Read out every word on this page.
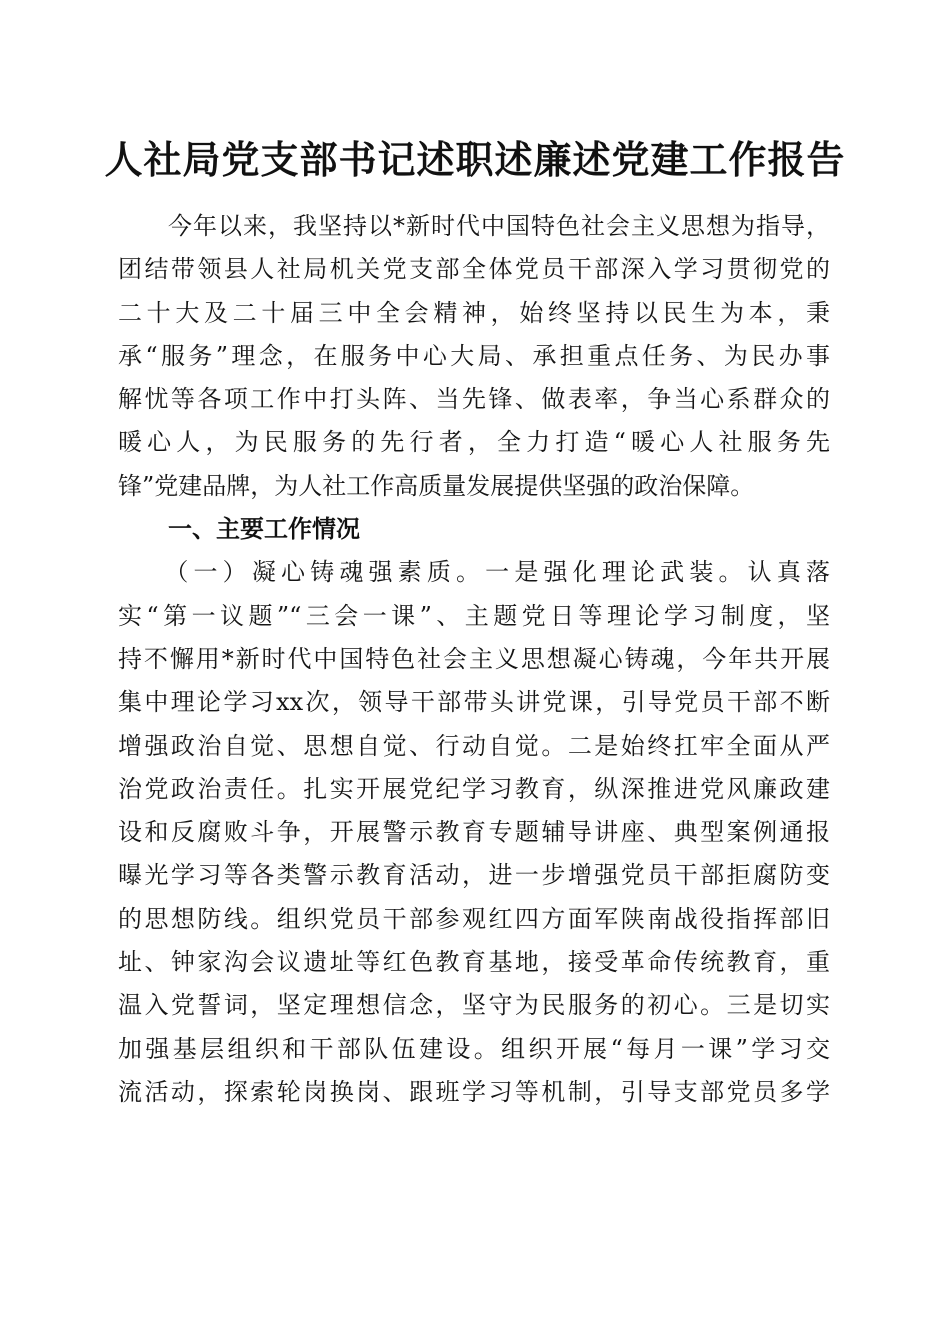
人社局党支部书记述职述廉述党建工作报告
　　今年以来，我坚持以*新时代中国特色社会主义思想为指导，
团结带领县人社局机关党支部全体党员干部深入学习贯彻党的
二十大及二十届三中全会精神，始终坚持以民生为本，秉
承“服务”理念，在服务中心大局、承担重点任务、为民办事
解忧等各项工作中打头阵、当先锋、做表率，争当心系群众的
暖心人，为民服务的先行者，全力打造“暖心人社服务先
锋”党建品牌，为人社工作高质量发展提供坚强的政治保障。
一、主要工作情况
　　（一）凝心铸魂强素质。一是强化理论武装。认真落
实“第一议题”“三会一课”、主题党日等理论学习制度，坚
持不懈用*新时代中国特色社会主义思想凝心铸魂，今年共开展
集中理论学习xx次，领导干部带头讲党课，引导党员干部不断
增强政治自觉、思想自觉、行动自觉。二是始终扛牢全面从严
治党政治责任。扎实开展党纪学习教育，纵深推进党风廉政建
设和反腐败斗争，开展警示教育专题辅导讲座、典型案例通报
曝光学习等各类警示教育活动，进一步增强党员干部拒腐防变
的思想防线。组织党员干部参观红四方面军陕南战役指挥部旧
址、钟家沟会议遗址等红色教育基地，接受革命传统教育，重
温入党誓词，坚定理想信念，坚守为民服务的初心。三是切实
加强基层组织和干部队伍建设。组织开展“每月一课”学习交
流活动，探索轮岗换岗、跟班学习等机制，引导支部党员多学
